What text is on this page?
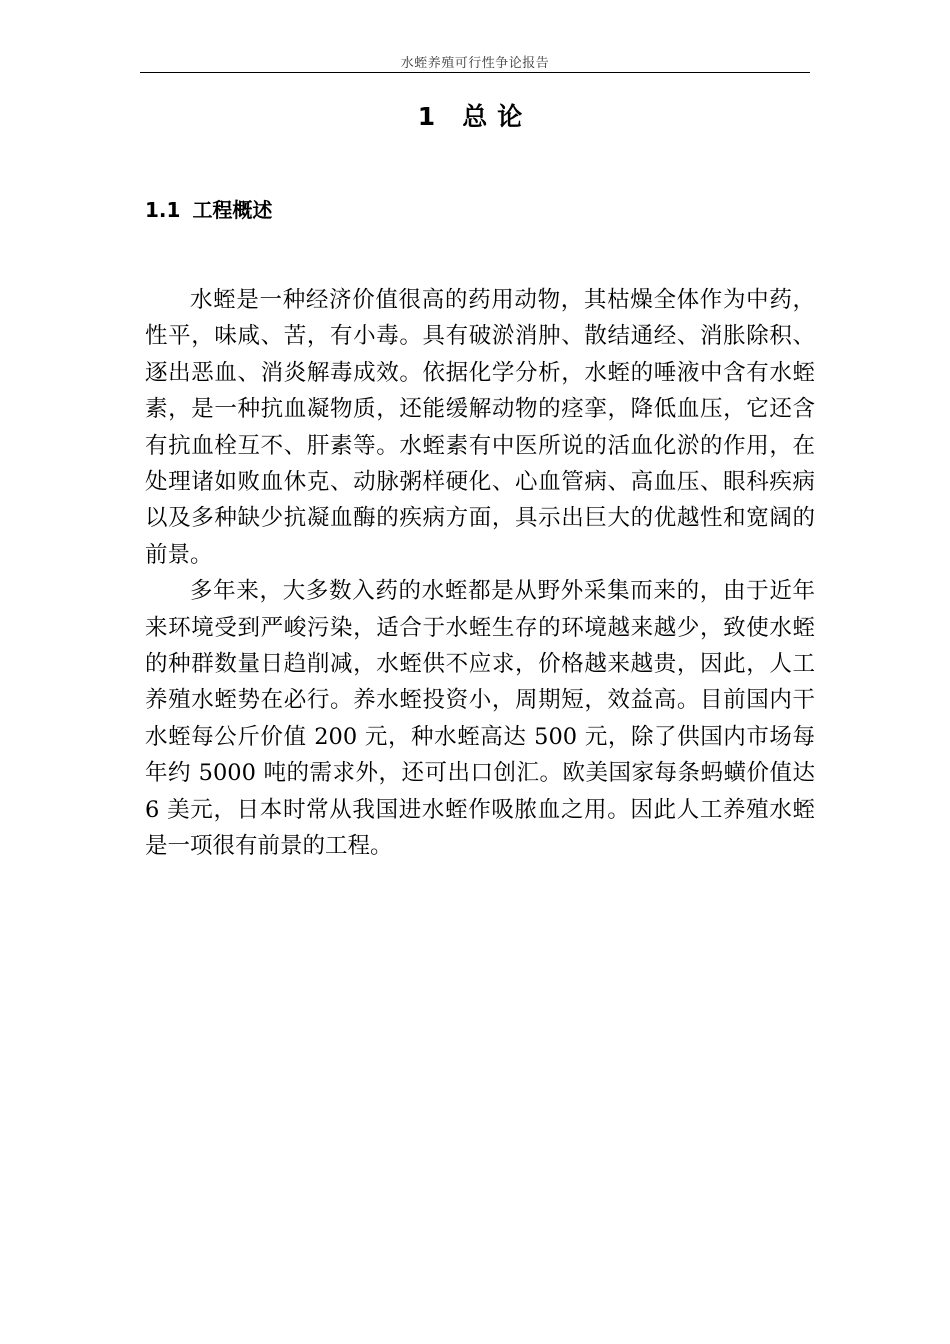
水蛭养殖可行性争论报告
1 总论
1.1 工程概述

水蛭是一种经济价值很高的药用动物，其枯燥全体作为中药，性平，味咸、苦，有小毒。具有破淤消肿、散结通经、消胀除积、逐出恶血、消炎解毒成效。依据化学分析，水蛭的唾液中含有水蛭素，是一种抗血凝物质，还能缓解动物的痉挛，降低血压，它还含有抗血栓互不、肝素等。水蛭素有中医所说的活血化淤的作用，在处理诸如败血休克、动脉粥样硬化、心血管病、高血压、眼科疾病以及多种缺少抗凝血酶的疾病方面，具示出巨大的优越性和宽阔的前景。

多年来，大多数入药的水蛭都是从野外采集而来的，由于近年来环境受到严峻污染，适合于水蛭生存的环境越来越少，致使水蛭的种群数量日趋削减，水蛭供不应求，价格越来越贵，因此，人工养殖水蛭势在必行。养水蛭投资小，周期短，效益高。目前国内干水蛭每公斤价值 200 元，种水蛭高达 500 元，除了供国内市场每年约 5000 吨的需求外，还可出口创汇。欧美国家每条蚂蟥价值达 6 美元，日本时常从我国进水蛭作吸脓血之用。因此人工养殖水蛭是一项很有前景的工程。
